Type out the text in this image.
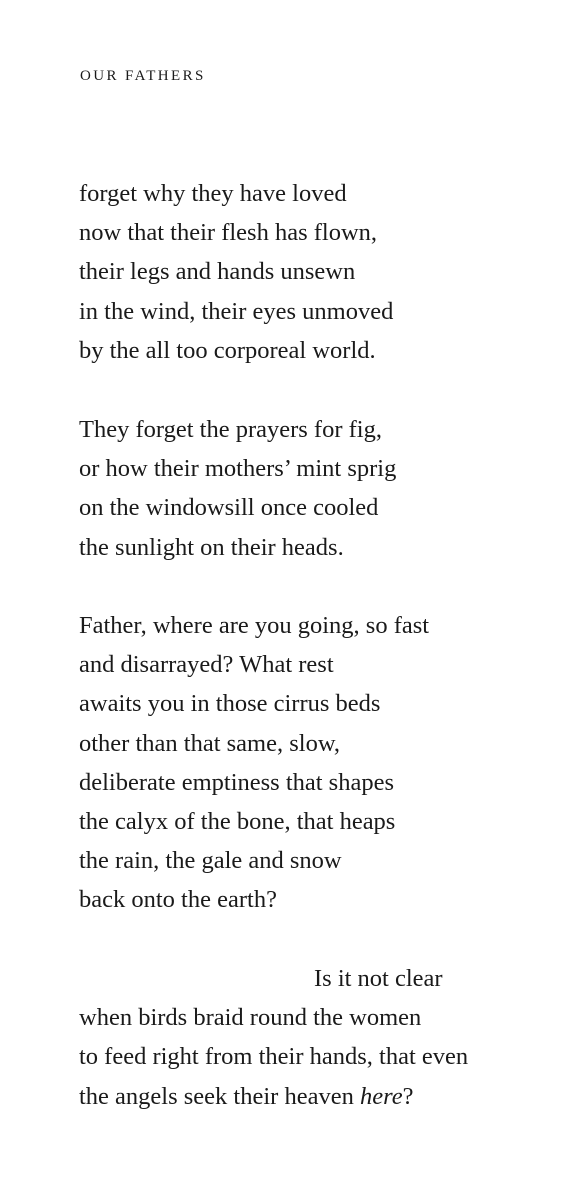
OUR FATHERS
forget why they have loved
now that their flesh has flown,
their legs and hands unsewn
in the wind, their eyes unmoved
by the all too corporeal world.
They forget the prayers for fig,
or how their mothers’ mint sprig
on the windowsill once cooled
the sunlight on their heads.
Father, where are you going, so fast
and disarrayed? What rest
awaits you in those cirrus beds
other than that same, slow,
deliberate emptiness that shapes
the calyx of the bone, that heaps
the rain, the gale and snow
back onto the earth?
Is it not clear
when birds braid round the women
to feed right from their hands, that even
the angels seek their heaven here?
